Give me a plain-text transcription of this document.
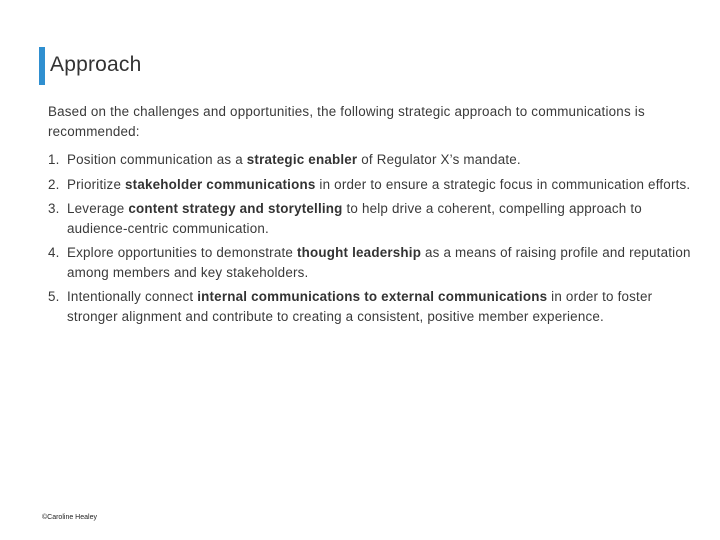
Approach

Based on the challenges and opportunities, the following strategic approach to communications is recommended:

1. Position communication as a strategic enabler of Regulator X’s mandate.
2. Prioritize stakeholder communications in order to ensure a strategic focus in communication efforts.
3. Leverage content strategy and storytelling to help drive a coherent, compelling approach to audience-centric communication.
4. Explore opportunities to demonstrate thought leadership as a means of raising profile and reputation among members and key stakeholders.
5. Intentionally connect internal communications to external communications in order to foster stronger alignment and contribute to creating a consistent, positive member experience.
©Caroline Healey
